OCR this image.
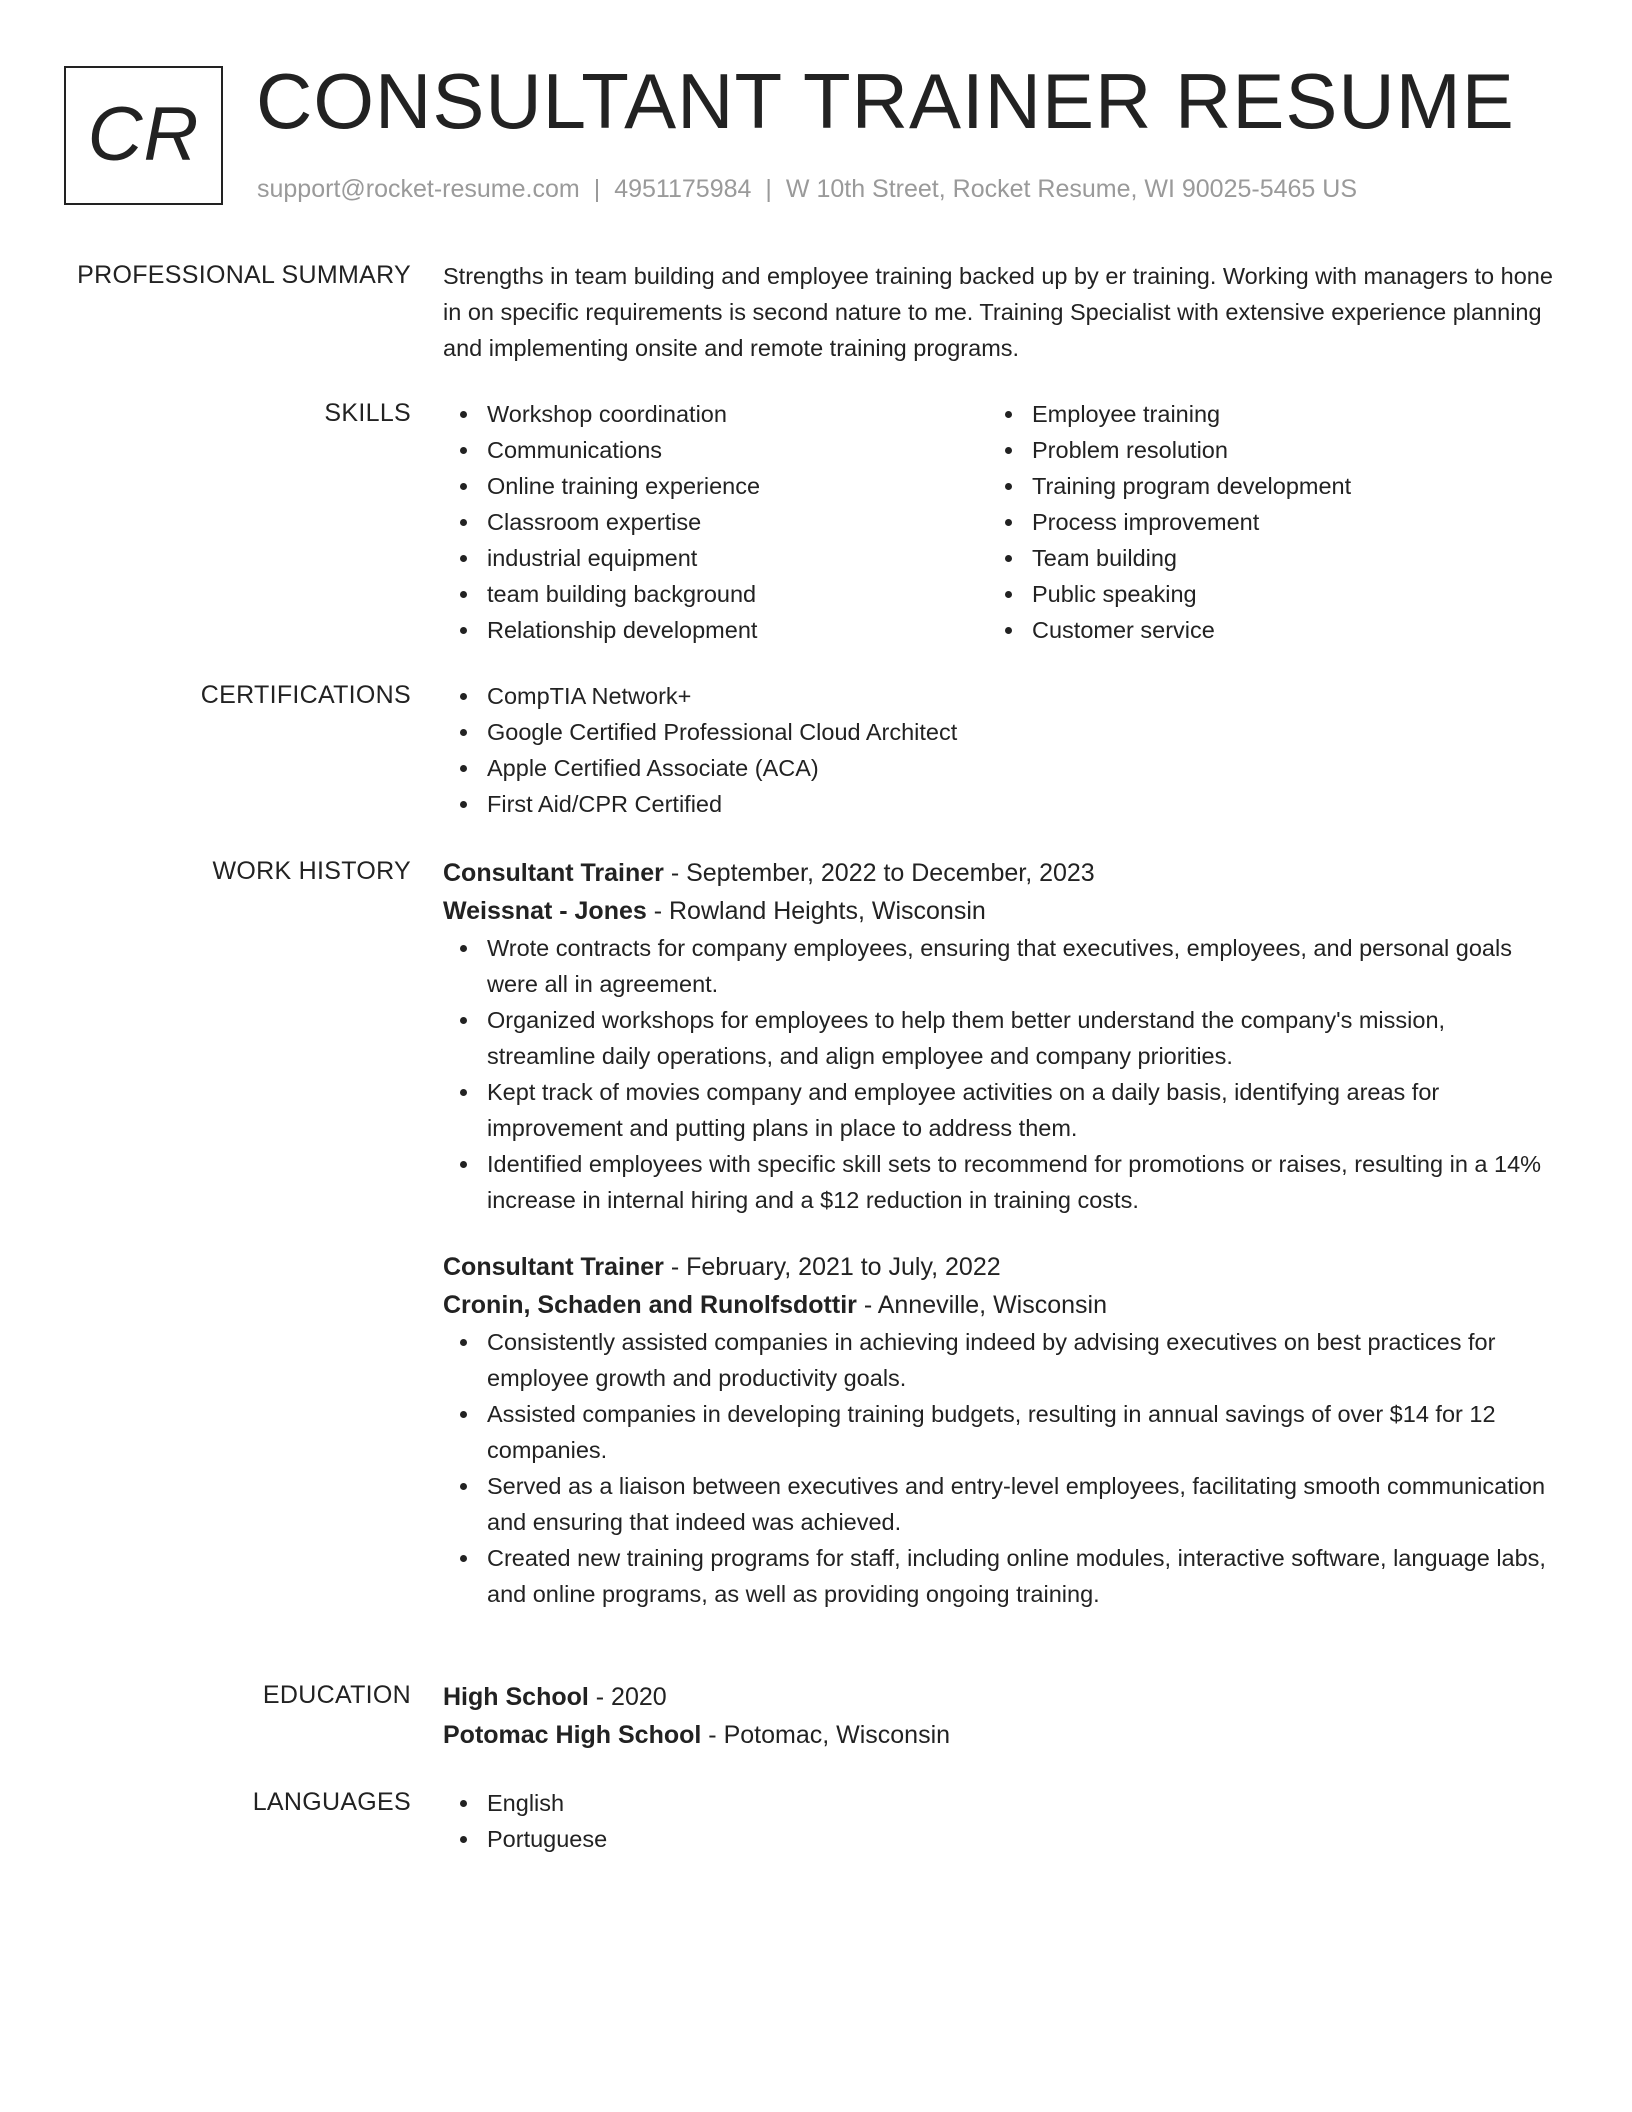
CR CONSULTANT TRAINER RESUME
support@rocket-resume.com | 4951175984 | W 10th Street, Rocket Resume, WI 90025-5465 US
PROFESSIONAL SUMMARY Strengths in team building and employee training backed up by er training. Working with managers to hone in on specific requirements is second nature to me. Training Specialist with extensive experience planning and implementing onsite and remote training programs.

SKILLS	Workshop coordination
Communications
Online training experience
Classroom expertise
industrial equipment
team building background
Relationship development
Employee training
Problem resolution
Training program development
Process improvement
Team building
Public speaking
Customer service
CERTIFICATIONS	CompTIA Network+
Google Certified Professional Cloud Architect
Apple Certified Associate (ACA)
First Aid/CPR Certified
WORK HISTORY Consultant Trainer - September, 2022 to December, 2023
Weissnat - Jones - Rowland Heights, Wisconsin
Wrote contracts for company employees, ensuring that executives, employees, and personal goals were all in agreement.
Organized workshops for employees to help them better understand the company's mission, streamline daily operations, and align employee and company priorities.
Kept track of movies company and employee activities on a daily basis, identifying areas for improvement and putting plans in place to address them.
Identified employees with specific skill sets to recommend for promotions or raises, resulting in a 14% increase in internal hiring and a $12 reduction in training costs.
Consultant Trainer - February, 2021 to July, 2022
Cronin, Schaden and Runolfsdottir - Anneville, Wisconsin
Consistently assisted companies in achieving indeed by advising executives on best practices for employee growth and productivity goals.
Assisted companies in developing training budgets, resulting in annual savings of over $14 for 12 companies.
Served as a liaison between executives and entry-level employees, facilitating smooth communication and ensuring that indeed was achieved.
Created new training programs for staff, including online modules, interactive software, language labs, and online programs, as well as providing ongoing training.
EDUCATION High School - 2020
Potomac High School - Potomac, Wisconsin
LANGUAGES	English
Portuguese
